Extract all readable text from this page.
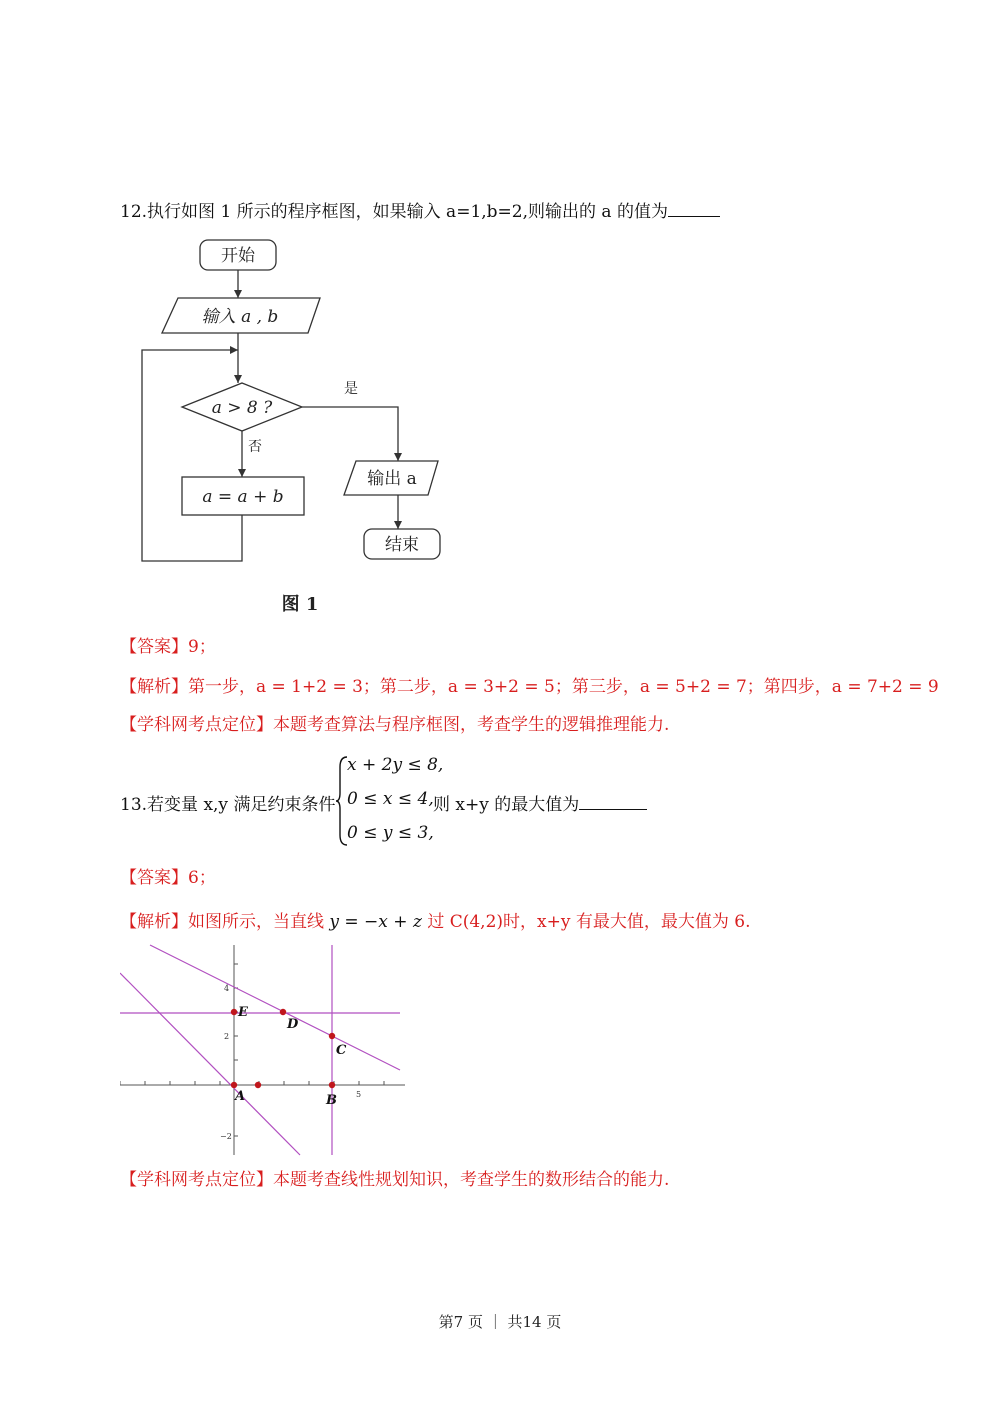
12.执行如图 1 所示的程序框图，如果输入 a=1,b=2,则输出的 a 的值为
开始
输入 a , b
a > 8 ?
是
否
a = a + b
输出 a
结束
图 1
【答案】9；
【解析】第一步，a = 1+2 = 3；第二步，a = 3+2 = 5；第三步，a = 5+2 = 7；第四步，a = 7+2 = 9
【学科网考点定位】本题考查算法与程序框图，考查学生的逻辑推理能力.
13.若变量 x,y 满足约束条件
x + 2y ≤ 8,
0 ≤ x ≤ 4,
0 ≤ y ≤ 3,
则 x+y 的最大值为
【答案】6；
【解析】如图所示，当直线 y = −x + z 过 C(4,2)时，x+y 有最大值，最大值为 6.
A	B
C
D
E
4
2
−2
5
【学科网考点定位】本题考查线性规划知识，考查学生的数形结合的能力.
第7 页 ｜ 共14 页
